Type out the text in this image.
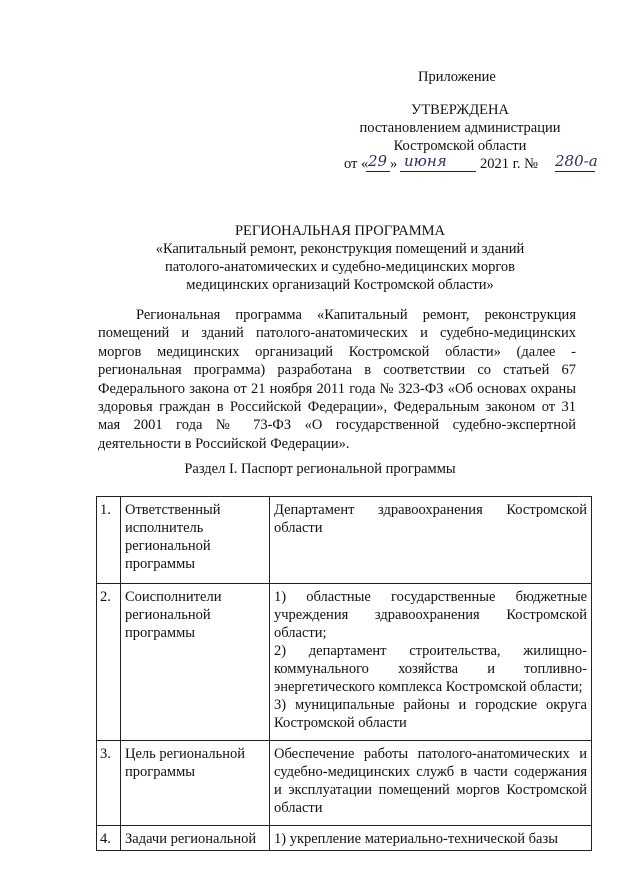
Приложение
УТВЕРЖДЕНА
постановлением администрации
Костромской области
от « 29 » июня 2021 г. № 280-а
РЕГИОНАЛЬНАЯ ПРОГРАММА
«Капитальный ремонт, реконструкция помещений и зданий
патолого-анатомических и судебно-медицинских моргов
медицинских организаций Костромской области»
Региональная программа «Капитальный ремонт, реконструкция помещений и зданий патолого-анатомических и судебно-медицинских моргов медицинских организаций Костромской области» (далее - региональная программа) разработана в соответствии со статьей 67 Федерального закона от 21 ноября 2011 года № 323-ФЗ «Об основах охраны здоровья граждан в Российской Федерации», Федеральным законом от 31 мая 2001 года № 73-ФЗ «О государственной судебно-экспертной деятельности в Российской Федерации».
Раздел I. Паспорт региональной программы
1.	Ответственный исполнитель региональной программы	Департамент здравоохранения Костромской области
2.	Соисполнители региональной программы	1) областные государственные бюджетные учреждения здравоохранения Костромской области;
2) департамент строительства, жилищно-коммунального хозяйства и топливно-энергетического комплекса Костромской области;
3) муниципальные районы и городские округа Костромской области
3.	Цель региональной программы	Обеспечение работы патолого-анатомических и судебно-медицинских служб в части содержания и эксплуатации помещений моргов Костромской области
4.	Задачи региональной	1) укрепление материально-технической базы
